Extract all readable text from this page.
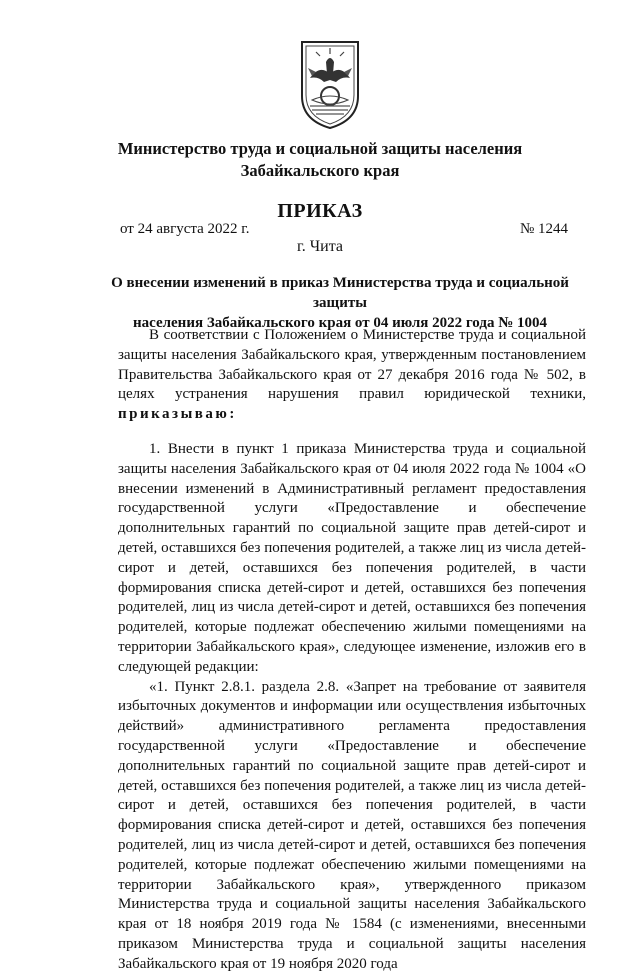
Министерство труда и социальной защиты населения
Забайкальского края
ПРИКАЗ
от 24 августа 2022 г.	№ 1244
г. Чита
О внесении изменений в приказ Министерства труда и социальной защиты
населения Забайкальского края от 04 июля 2022 года № 1004
В соответствии с Положением о Министерстве труда и социальной защиты населения Забайкальского края, утвержденным постановлением Правительства Забайкальского края от 27 декабря 2016 года № 502, в целях устранения нарушения правил юридической техники, приказываю:

1. Внести в пункт 1 приказа Министерства труда и социальной защиты населения Забайкальского края от 04 июля 2022 года № 1004 «О внесении изменений в Административный регламент предоставления государственной услуги «Предоставление и обеспечение дополнительных гарантий по социальной защите прав детей-сирот и детей, оставшихся без попечения родителей, а также лиц из числа детей-сирот и детей, оставшихся без попечения родителей, в части формирования списка детей-сирот и детей, оставшихся без попечения родителей, лиц из числа детей-сирот и детей, оставшихся без попечения родителей, которые подлежат обеспечению жилыми помещениями на территории Забайкальского края», следующее изменение, изложив его в следующей редакции:

«1. Пункт 2.8.1. раздела 2.8. «Запрет на требование от заявителя избыточных документов и информации или осуществления избыточных действий» административного регламента предоставления государственной услуги «Предоставление и обеспечение дополнительных гарантий по социальной защите прав детей-сирот и детей, оставшихся без попечения родителей, а также лиц из числа детей-сирот и детей, оставшихся без попечения родителей, в части формирования списка детей-сирот и детей, оставшихся без попечения родителей, лиц из числа детей-сирот и детей, оставшихся без попечения родителей, которые подлежат обеспечению жилыми помещениями на территории Забайкальского края», утвержденного приказом Министерства труда и социальной защиты населения Забайкальского края от 18 ноября 2019 года № 1584 (с изменениями, внесенными приказом Министерства труда и социальной защиты населения Забайкальского края от 19 ноября 2020 года
